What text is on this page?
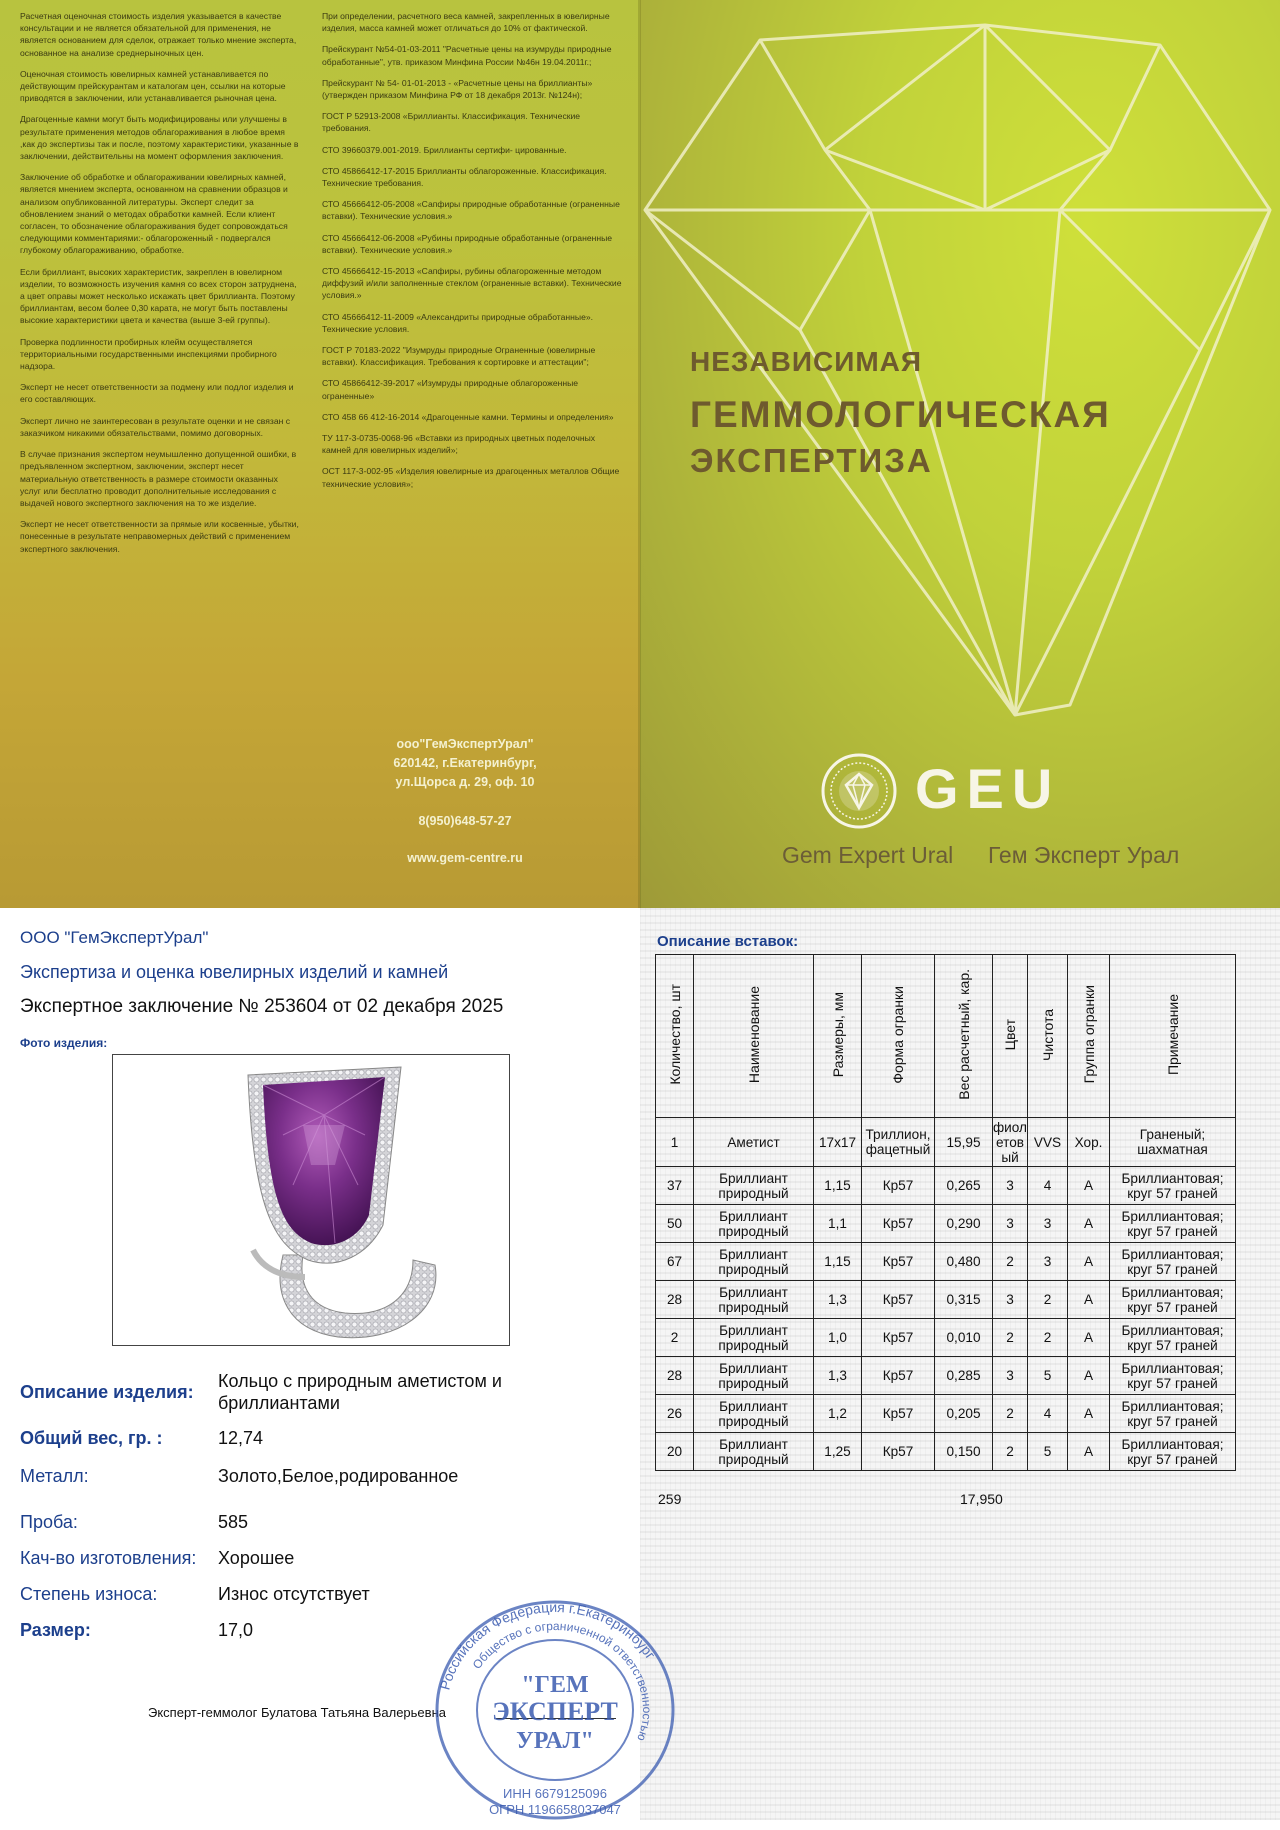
Расчетная оценочная стоимость изделия указывается в качестве консультации и не является обязательной для применения, не является основанием для сделок, отражает только мнение эксперта, основанное на анализе среднерыночных цен.

Оценочная стоимость ювелирных камней устанавливается по действующим прейскурантам и каталогам цен, ссылки на которые приводятся в заключении, или устанавливается рыночная цена.

Драгоценные камни могут быть модифицированы или улучшены в результате применения методов облагораживания в любое время ,как до экспертизы так и после, поэтому характеристики, указанные в заключении, действительны на момент оформления заключения.

Заключение об обработке и облагораживании ювелирных камней, является мнением эксперта, основанном на сравнении образцов и анализом опубликованной литературы. Эксперт следит за обновлением знаний о методах обработки камней. Если клиент согласен, то обозначение облагораживания будет сопровождаться следующими комментариями:- облагороженный - подвергался глубокому облагораживанию, обработке.

Если бриллиант, высоких характеристик, закреплен в ювелирном изделии, то возможность изучения камня со всех сторон затруднена, а цвет оправы может несколько искажать цвет бриллианта. Поэтому бриллиантам, весом более 0,30 карата, не могут быть поставлены высокие характеристики цвета и качества (выше 3-ей группы).

Проверка подлинности пробирных клейм осуществляется территориальными государственными инспекциями пробирного надзора.

Эксперт не несет ответственности за подмену или подлог изделия и его составляющих.

Эксперт лично не заинтересован в результате оценки и не связан с заказчиком никакими обязательствами, помимо договорных.

В случае признания экспертом неумышленно допущенной ошибки, в предъявленном экспертном, заключении, эксперт несет материальную ответственность в размере стоимости оказанных услуг или бесплатно проводит дополнительные исследования с выдачей нового экспертного заключения на то же изделие.

Эксперт не несет ответственности за прямые или косвенные, убытки, понесенные в результате неправомерных действий с применением экспертного заключения.

При определении, расчетного веса камней, закрепленных в ювелирные изделия, масса камней может отличаться до 10% от фактической.

Прейскурант №54-01-03-2011 "Расчетные цены на изумруды природные обработанные", утв. приказом Минфина России №46н 19.04.2011г.;

Прейскурант № 54- 01-01-2013 - «Расчетные цены на бриллианты» (утвержден приказом Минфина РФ от 18 декабря 2013г. №124н);

ГОСТ Р 52913-2008 «Бриллианты. Классификация. Технические требования.

СТО 39660379.001-2019. Бриллианты сертифи- цированные.

СТО 45866412-17-2015 Бриллианты облагороженные. Классификация. Технические требования.

СТО 45666412-05-2008 «Сапфиры природные обработанные (ограненные вставки). Технические условия.»

СТО 45666412-06-2008 «Рубины природные обработанные (ограненные вставки). Технические условия.»

СТО 45666412-15-2013 «Сапфиры, рубины облагороженные методом диффузий и/или заполненные стеклом (ограненные вставки). Технические условия.»

СТО 45666412-11-2009 «Александриты природные обработанные». Технические условия.

ГОСТ Р 70183-2022 "Изумруды природные Ограненные (ювелирные вставки). Классификация. Требования к сортировке и аттестации";

СТО 45866412-39-2017 «Изумруды природные облагороженные ограненные»

СТО 458 66 412-16-2014 «Драгоценные камни. Термины и определения»

ТУ 117-3-0735-0068-96 «Вставки из природных цветных поделочных камней для ювелирных изделий»;

ОСТ 117-3-002-95 «Изделия ювелирные из драгоценных металлов Общие технические условия»;

ооо"ГемЭкспертУрал"
620142, г.Екатеринбург,
ул.Щорса д. 29, оф. 10
8(950)648-57-27
www.gem-centre.ru
НЕЗАВИСИМАЯ
ГЕММОЛОГИЧЕСКАЯ
ЭКСПЕРТИЗА
GEU
Gem Expert Ural Гем Эксперт Урал
ООО "ГемЭкспертУрал"
Экспертиза и оценка ювелирных изделий и камней
Экспертное заключение № 253604 от 02 декабря 2025
Фото изделия:
Описание изделия:
Кольцо с природным аметистом и бриллиантами
Общий вес, гр. :	12,74
Металл:	Золото,Белое,родированное
Проба:	585
Кач-во изготовления: Хорошее
Степень износа:	Износ отсутствует
Размер:	17,0
Эксперт-геммолог Булатова Татьяна Валерьевна
Российская Федерация г.Екатеринбург
Общество с ограниченной ответственностью
"ГЕМ
ЭКСПЕРТ
УРАЛ"
ИНН 6679125096
ОГРН 1196658037047
Описание вставок:
Количество, шт	Наименование	Размеры, мм	Форма огранки	Вес расчетный, кар.	Цвет	Чистота	Группа огранки	Примечание
1	Аметист	17x17	Триллион, фацетный	15,95	фиол етов ый	VVS	Хор.	Граненый; шахматная
37	Бриллиант природный	1,15	Кр57	0,265	3	4	А	Бриллиантовая; круг 57 граней
50	Бриллиант природный	1,1	Кр57	0,290	3	3	А	Бриллиантовая; круг 57 граней
67	Бриллиант природный	1,15	Кр57	0,480	2	3	А	Бриллиантовая; круг 57 граней
28	Бриллиант природный	1,3	Кр57	0,315	3	2	А	Бриллиантовая; круг 57 граней
2	Бриллиант природный	1,0	Кр57	0,010	2	2	А	Бриллиантовая; круг 57 граней
28	Бриллиант природный	1,3	Кр57	0,285	3	5	А	Бриллиантовая; круг 57 граней
26	Бриллиант природный	1,2	Кр57	0,205	2	4	А	Бриллиантовая; круг 57 граней
20	Бриллиант природный	1,25	Кр57	0,150	2	5	А	Бриллиантовая; круг 57 граней
259	17,950
